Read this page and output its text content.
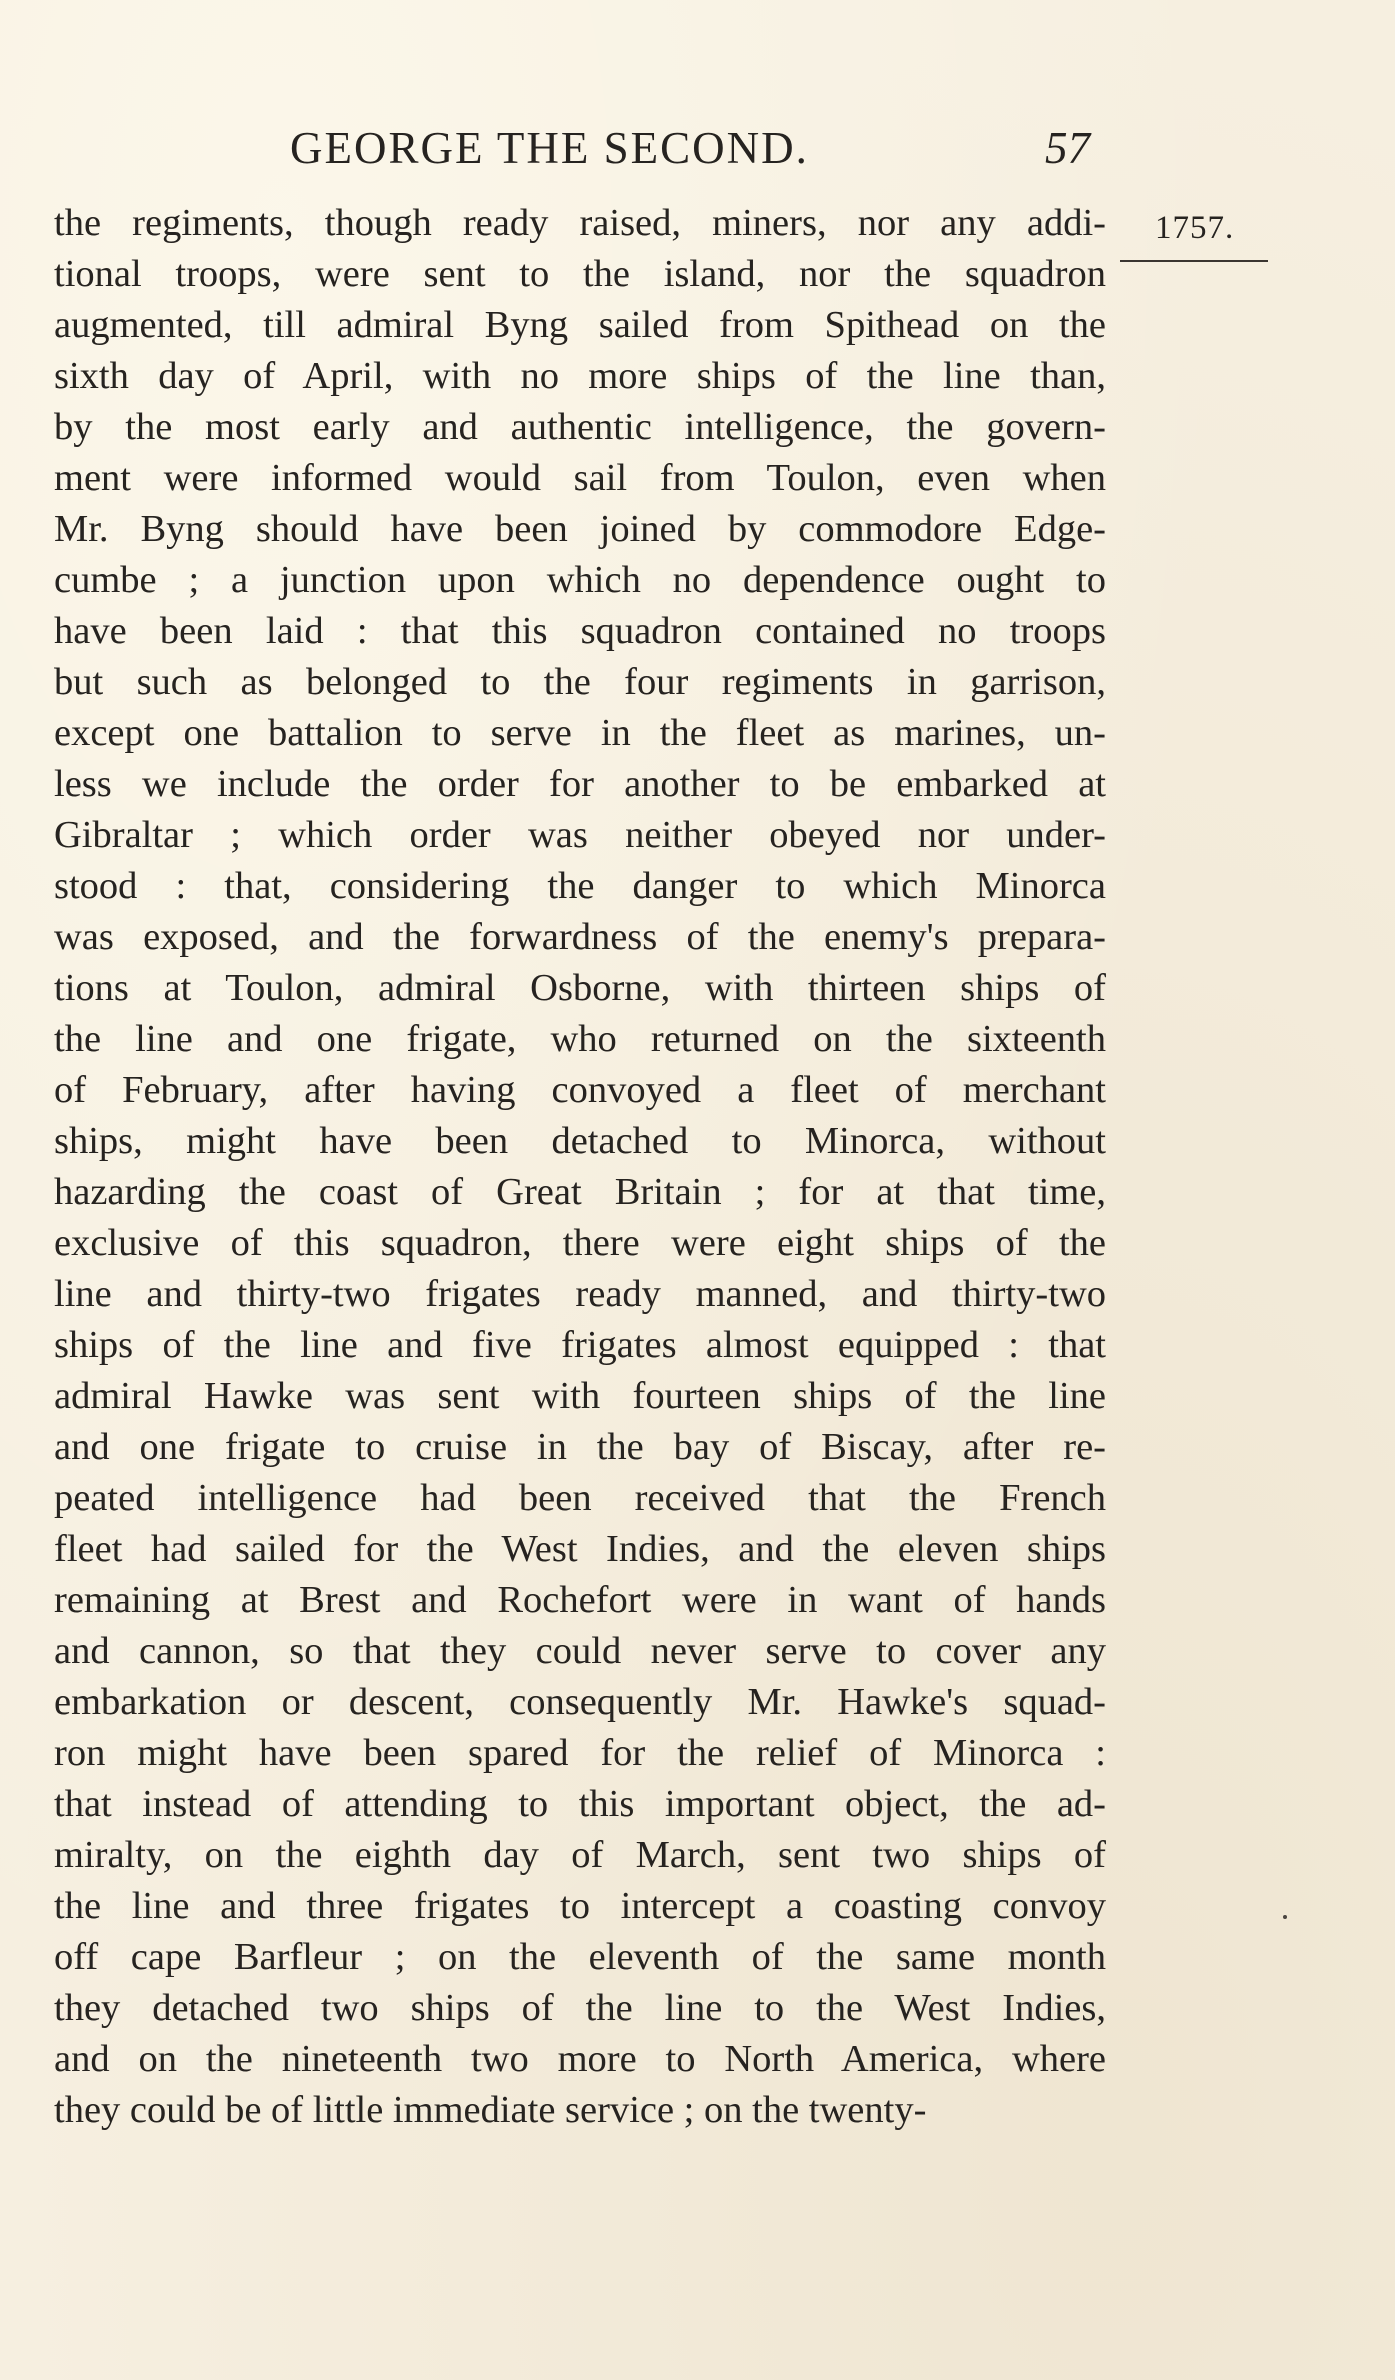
GEORGE THE SECOND.	57
1757.
the regiments, though ready raised, miners, nor any addi-
tional troops, were sent to the island, nor the squadron
augmented, till admiral Byng sailed from Spithead on the
sixth day of April, with no more ships of the line than,
by the most early and authentic intelligence, the govern-
ment were informed would sail from Toulon, even when
Mr. Byng should have been joined by commodore Edge-
cumbe ; a junction upon which no dependence ought to
have been laid : that this squadron contained no troops
but such as belonged to the four regiments in garrison,
except one battalion to serve in the fleet as marines, un-
less we include the order for another to be embarked at
Gibraltar ; which order was neither obeyed nor under-
stood : that, considering the danger to which Minorca
was exposed, and the forwardness of the enemy's prepara-
tions at Toulon, admiral Osborne, with thirteen ships of
the line and one frigate, who returned on the sixteenth
of February, after having convoyed a fleet of merchant
ships, might have been detached to Minorca, without
hazarding the coast of Great Britain ; for at that time,
exclusive of this squadron, there were eight ships of the
line and thirty-two frigates ready manned, and thirty-two
ships of the line and five frigates almost equipped : that
admiral Hawke was sent with fourteen ships of the line
and one frigate to cruise in the bay of Biscay, after re-
peated intelligence had been received that the French
fleet had sailed for the West Indies, and the eleven ships
remaining at Brest and Rochefort were in want of hands
and cannon, so that they could never serve to cover any
embarkation or descent, consequently Mr. Hawke's squad-
ron might have been spared for the relief of Minorca :
that instead of attending to this important object, the ad-
miralty, on the eighth day of March, sent two ships of
the line and three frigates to intercept a coasting convoy
off cape Barfleur ; on the eleventh of the same month
they detached two ships of the line to the West Indies,
and on the nineteenth two more to North America, where
they could be of little immediate service ; on the twenty-
